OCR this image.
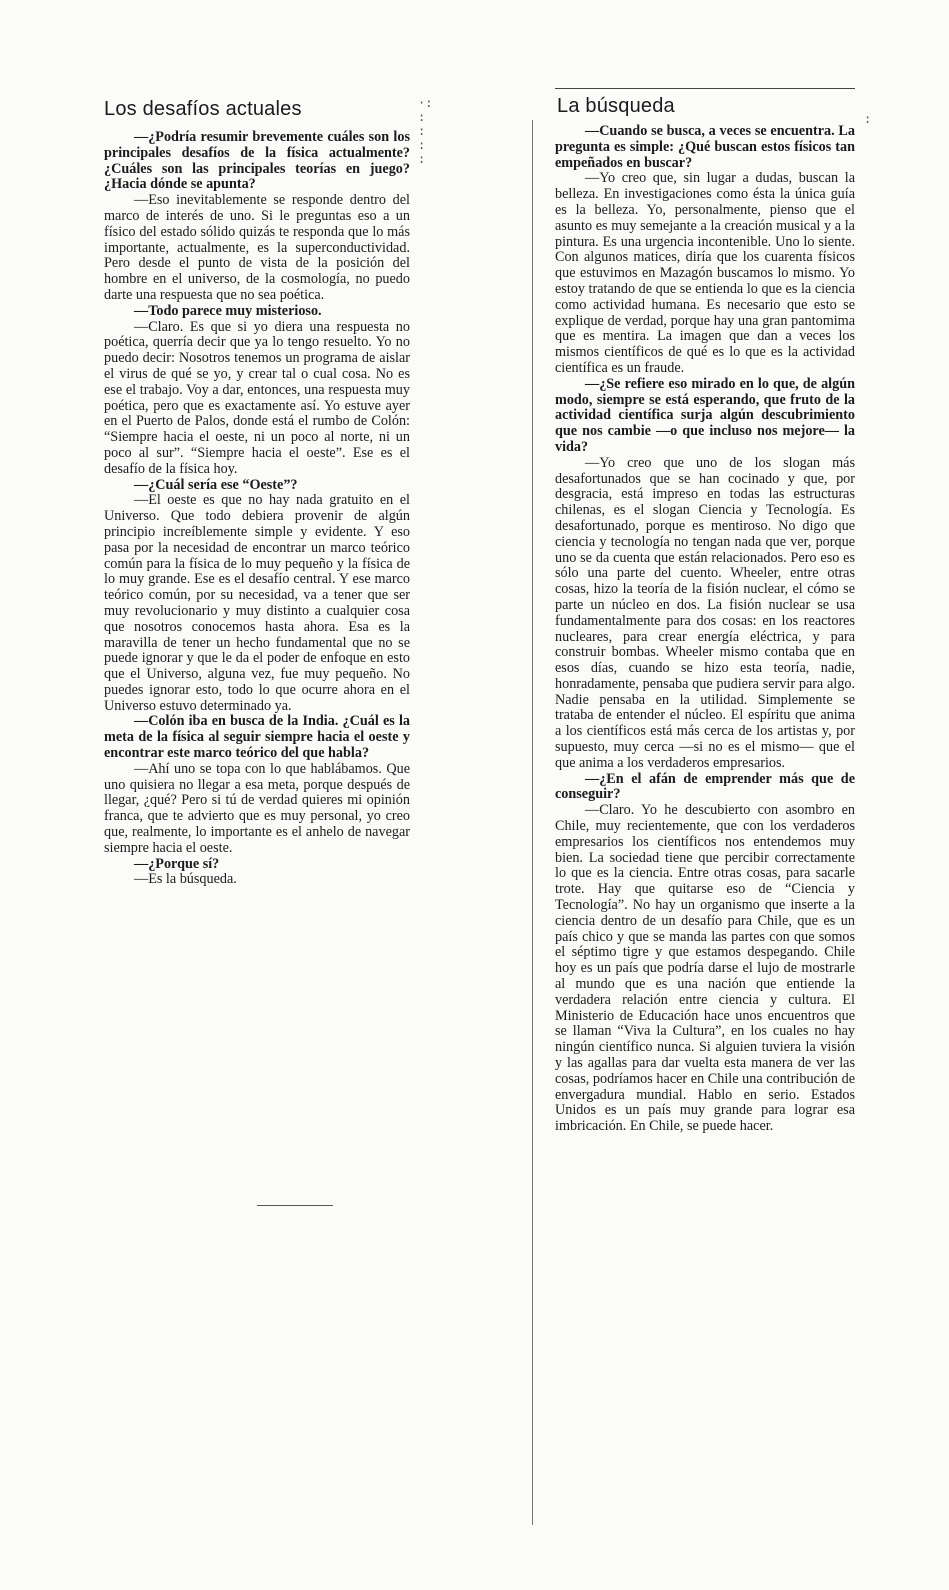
·:
:
:
:
:
:
Los desafíos actuales	La búsqueda

—¿Podría resumir brevemente cuáles son los principales desafíos de la física actualmente? ¿Cuáles son las principales teorías en juego? ¿Hacia dónde se apunta?

—Eso inevitablemente se responde dentro del marco de interés de uno. Si le preguntas eso a un físico del estado sólido quizás te responda que lo más importante, actualmente, es la superconductividad. Pero desde el punto de vista de la posición del hombre en el universo, de la cosmología, no puedo darte una respuesta que no sea poética.

—Todo parece muy misterioso.

—Claro. Es que si yo diera una respuesta no poética, querría decir que ya lo tengo resuelto. Yo no puedo decir: Nosotros tenemos un programa de aislar el virus de qué se yo, y crear tal o cual cosa. No es ese el trabajo. Voy a dar, entonces, una respuesta muy poética, pero que es exactamente así. Yo estuve ayer en el Puerto de Palos, donde está el rumbo de Colón: “Siempre hacia el oeste, ni un poco al norte, ni un poco al sur”. “Siempre hacia el oeste”. Ese es el desafío de la física hoy.

—¿Cuál sería ese “Oeste”?

—El oeste es que no hay nada gratuito en el Universo. Que todo debiera provenir de algún principio increíblemente simple y evidente. Y eso pasa por la necesidad de encontrar un marco teórico común para la física de lo muy pequeño y la física de lo muy grande. Ese es el desafío central. Y ese marco teórico común, por su necesidad, va a tener que ser muy revolucionario y muy distinto a cualquier cosa que nosotros conocemos hasta ahora. Esa es la maravilla de tener un hecho fundamental que no se puede ignorar y que le da el poder de enfoque en esto que el Universo, alguna vez, fue muy pequeño. No puedes ignorar esto, todo lo que ocurre ahora en el Universo estuvo determinado ya.

—Colón iba en busca de la India. ¿Cuál es la meta de la física al seguir siempre hacia el oeste y encontrar este marco teórico del que habla?

—Ahí uno se topa con lo que hablábamos. Que uno quisiera no llegar a esa meta, porque después de llegar, ¿qué? Pero si tú de verdad quieres mi opinión franca, que te advierto que es muy personal, yo creo que, realmente, lo importante es el anhelo de navegar siempre hacia el oeste.

—¿Porque sí?

—Es la búsqueda.

—Cuando se busca, a veces se encuentra. La pregunta es simple: ¿Qué buscan estos físicos tan empeñados en buscar?

—Yo creo que, sin lugar a dudas, buscan la belleza. En investigaciones como ésta la única guía es la belleza. Yo, personalmente, pienso que el asunto es muy semejante a la creación musical y a la pintura. Es una urgencia incontenible. Uno lo siente. Con algunos matices, diría que los cuarenta físicos que estuvimos en Mazagón buscamos lo mismo. Yo estoy tratando de que se entienda lo que es la ciencia como actividad humana. Es necesario que esto se explique de verdad, porque hay una gran pantomima que es mentira. La imagen que dan a veces los mismos científicos de qué es lo que es la actividad científica es un fraude.

—¿Se refiere eso mirado en lo que, de algún modo, siempre se está esperando, que fruto de la actividad científica surja algún descubrimiento que nos cambie —o que incluso nos mejore— la vida?

—Yo creo que uno de los slogan más desafortunados que se han cocinado y que, por desgracia, está impreso en todas las estructuras chilenas, es el slogan Ciencia y Tecnología. Es desafortunado, porque es mentiroso. No digo que ciencia y tecnología no tengan nada que ver, porque uno se da cuenta que están relacionados. Pero eso es sólo una parte del cuento. Wheeler, entre otras cosas, hizo la teoría de la fisión nuclear, el cómo se parte un núcleo en dos. La fisión nuclear se usa fundamentalmente para dos cosas: en los reactores nucleares, para crear energía eléctrica, y para construir bombas. Wheeler mismo contaba que en esos días, cuando se hizo esta teoría, nadie, honradamente, pensaba que pudiera servir para algo. Nadie pensaba en la utilidad. Simplemente se trataba de entender el núcleo. El espíritu que anima a los científicos está más cerca de los artistas y, por supuesto, muy cerca —si no es el mismo— que el que anima a los verdaderos empresarios.

—¿En el afán de emprender más que de conseguir?

—Claro. Yo he descubierto con asombro en Chile, muy recientemente, que con los verdaderos empresarios los científicos nos entendemos muy bien. La sociedad tiene que percibir correctamente lo que es la ciencia. Entre otras cosas, para sacarle trote. Hay que quitarse eso de “Ciencia y Tecnología”. No hay un organismo que inserte a la ciencia dentro de un desafío para Chile, que es un país chico y que se manda las partes con que somos el séptimo tigre y que estamos despegando. Chile hoy es un país que podría darse el lujo de mostrarle al mundo que es una nación que entiende la verdadera relación entre ciencia y cultura. El Ministerio de Educación hace unos encuentros que se llaman “Viva la Cultura”, en los cuales no hay ningún científico nunca. Si alguien tuviera la visión y las agallas para dar vuelta esta manera de ver las cosas, podríamos hacer en Chile una contribución de envergadura mundial. Hablo en serio. Estados Unidos es un país muy grande para lograr esa imbricación. En Chile, se puede hacer.
